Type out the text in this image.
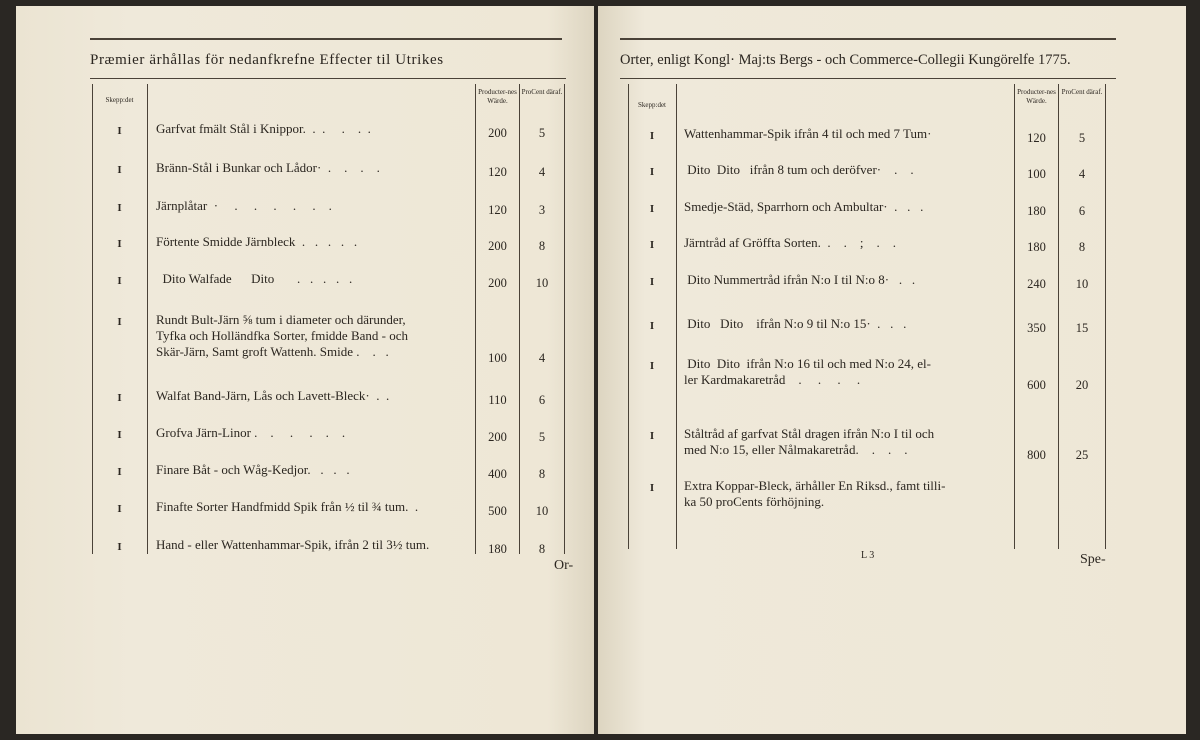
Præmier ärhållas för nedanfkrefne Effecter til Utrikes
Skepp:det
Producter-nes Wärde.
ProCent däraf.
I	Garfvat fmält Stål i Knippor.  .  .     .    .  .	200	5
I	Bränn-Stål i Bunkar och Lådor·  .    .    .    .	120	4
I	Järnplåtar  ·     .     .     .     .     .    .	120	3
I	Förtente Smidde Järnbleck  .   .   .   .   .	200	8
I	Dito Walfade      Dito       .   .   .   .   .	200	10
I	Rundt Bult-Järn ⅝ tum i diameter och därunder,
Tyfka och Holländfka Sorter, fmidde Band - och
Skär-Järn, Samt groft Wattenh. Smide .    .   .	100	4
I	Walfat Band-Järn, Lås och Lavett-Bleck·  .  .	110	6
I	Grofva Järn-Linor .    .     .     .    .    .	200	5
I	Finare Båt - och Wåg-Kedjor.   .   .   .	400	8
I	Finafte Sorter Handfmidd Spik från ½ til ¾ tum.  .	500	10
I	Hand - eller Wattenhammar-Spik, ifrån 2 til 3½ tum.	180	8
Or-
Orter, enligt Kongl· Maj:ts Bergs - och Commerce-Collegii Kungörelfe 1775.
Skepp:det
Producter-nes Wärde.
ProCent däraf.
I	Wattenhammar-Spik ifrån 4 til och med 7 Tum·	120	5
I	Dito  Dito   ifrån 8 tum och deröfver·    .    .	100	4
I	Smedje-Städ, Sparrhorn och Ambultar·  .   .   .	180	6
I	Järntråd af Gröffta Sorten.  .    .    ;    .    .	180	8
I	Dito Nummertråd ifrån N:o I til N:o 8·   .   .	240	10
I	Dito   Dito    ifrån N:o 9 til N:o 15·  .   .   .	350	15
I	Dito  Dito  ifrån N:o 16 til och med N:o 24, el-
ler Kardmakaretråd    .     .     .     .	600	20
I	Ståltråd af garfvat Stål dragen ifrån N:o I til och
med N:o 15, eller Nålmakaretråd.    .    .    .	800	25
I	Extra Koppar-Bleck, ärhåller En Riksd., famt tilli-
ka 50 proCents förhöjning.
L 3	Spe-
